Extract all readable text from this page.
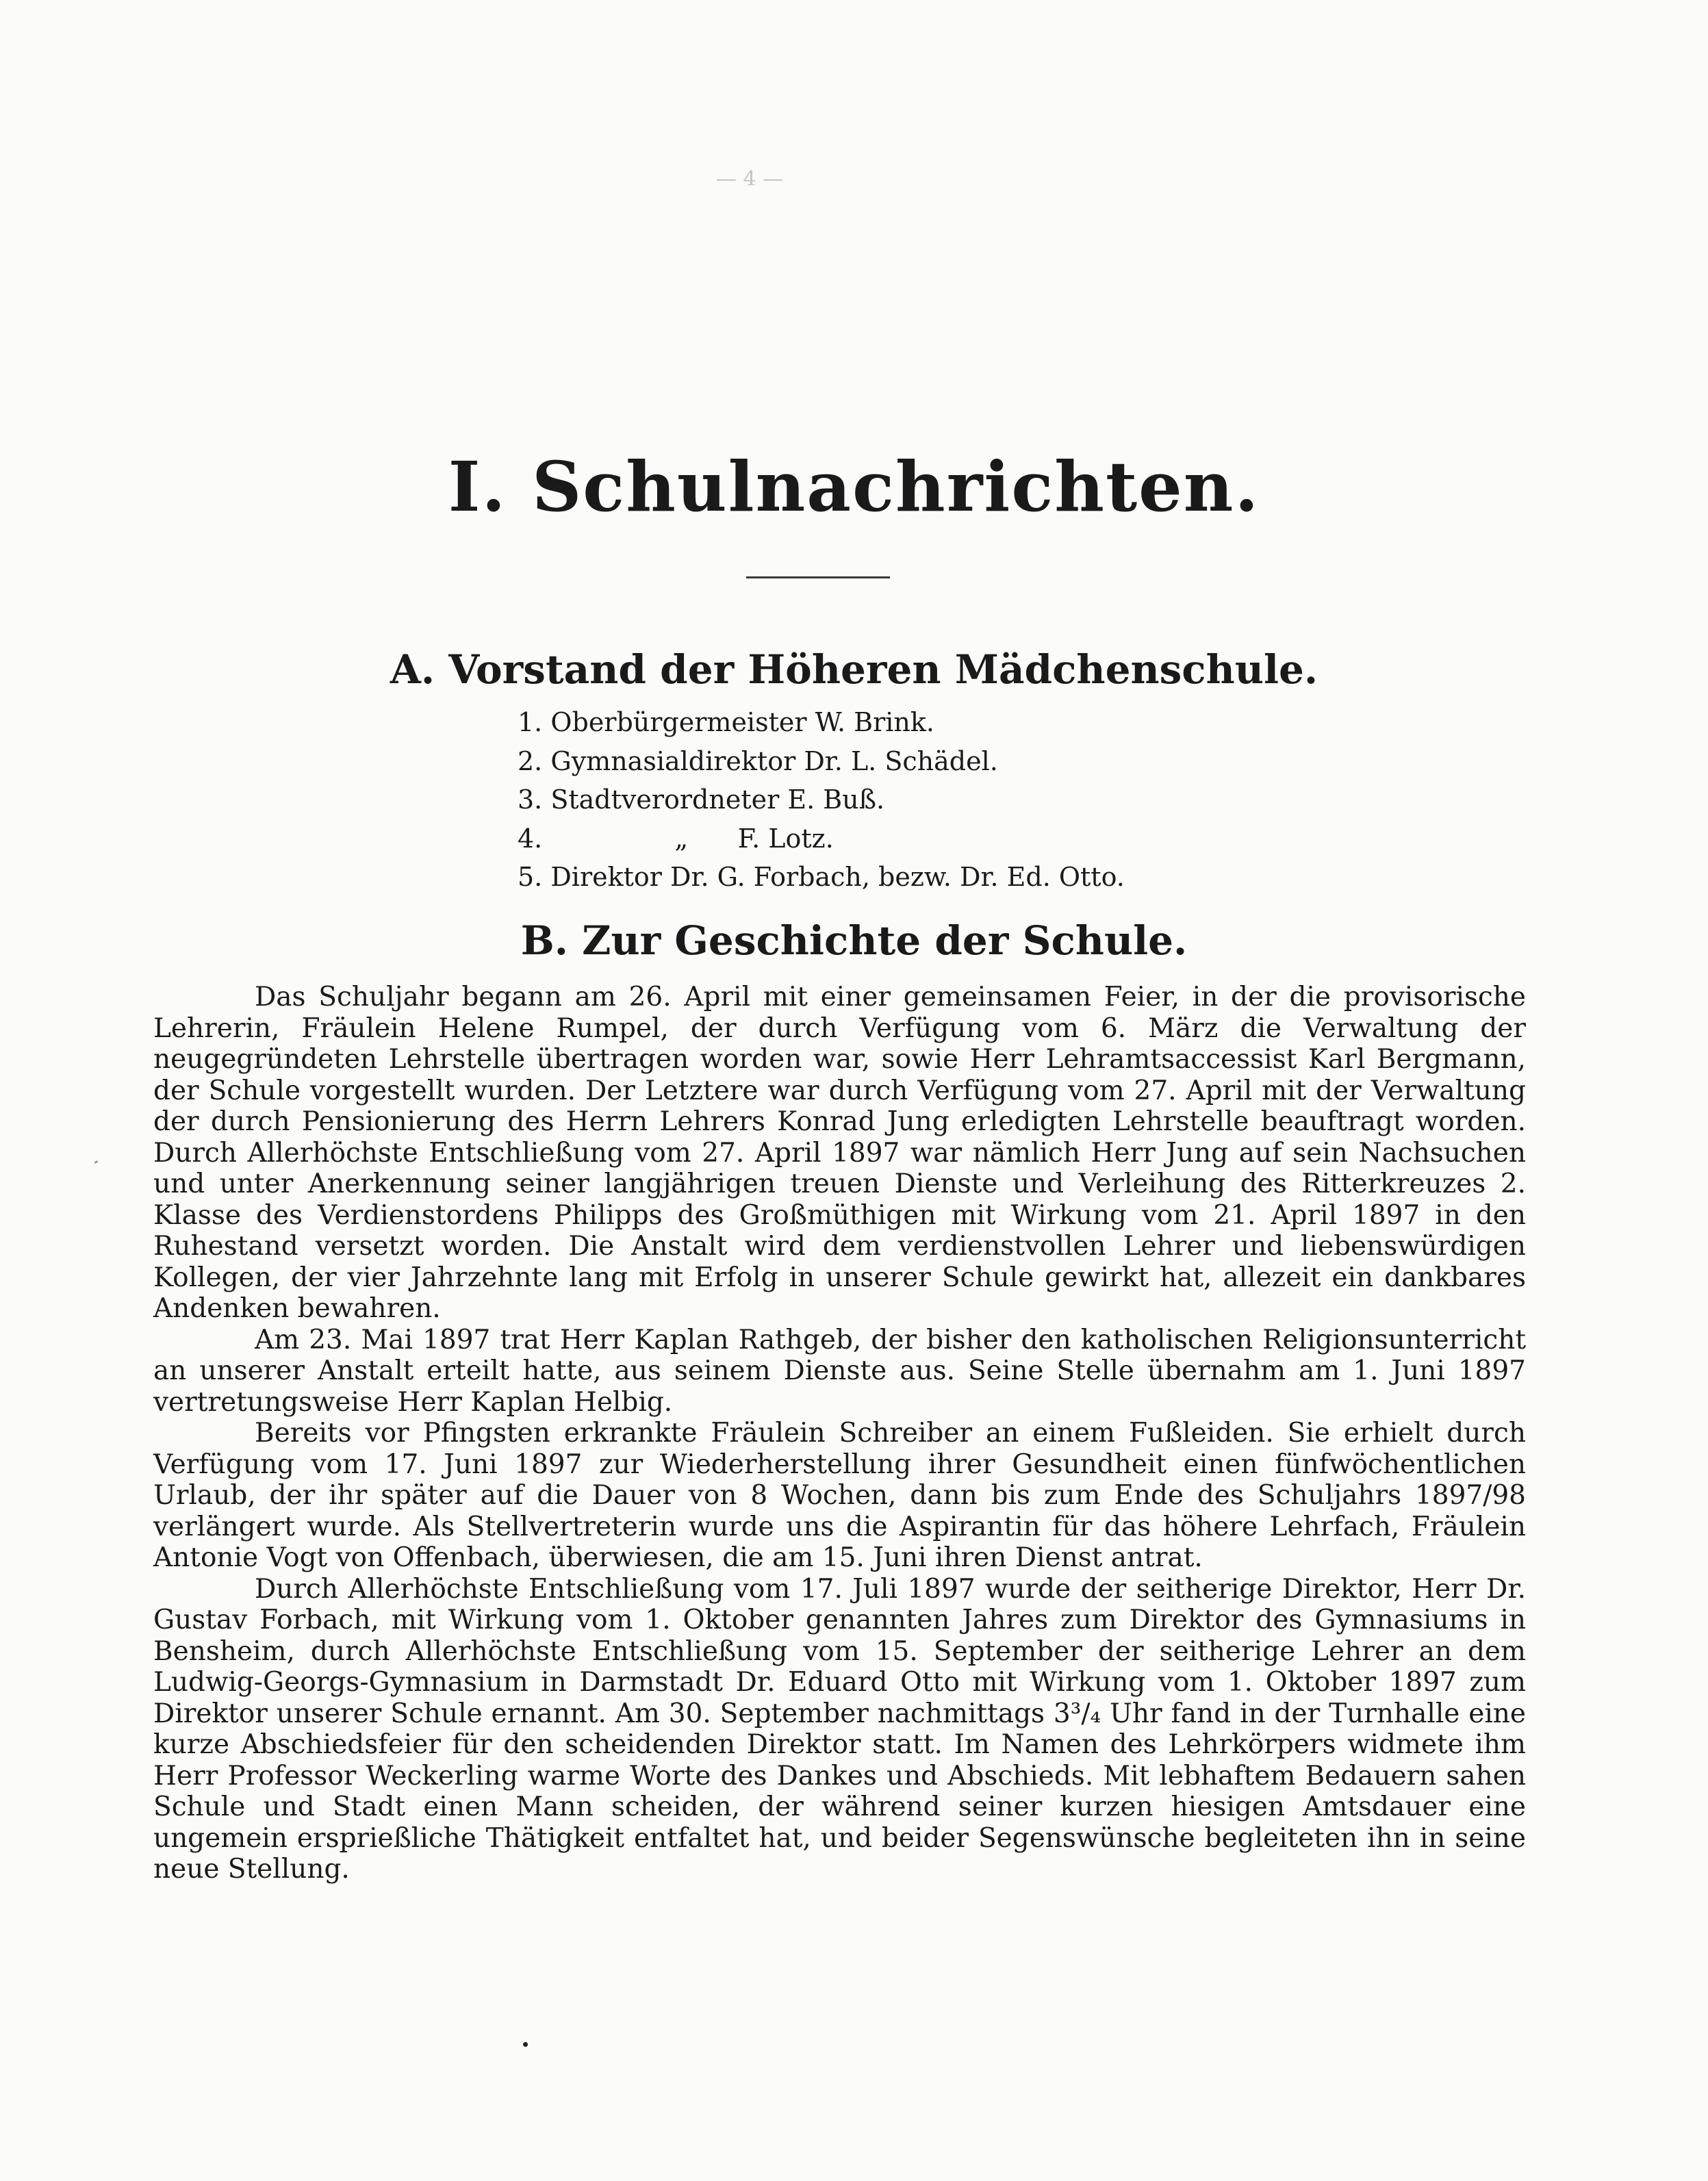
— 4 —
I. Schulnachrichten.
A. Vorstand der Höheren Mädchenschule.
1. Oberbürgermeister W. Brink.
2. Gymnasialdirektor Dr. L. Schädel.
3. Stadtverordneter E. Buß.
4.                „      F. Lotz.
5. Direktor Dr. G. Forbach, bezw. Dr. Ed. Otto.
B. Zur Geschichte der Schule.

Das Schuljahr begann am 26. April mit einer gemeinsamen Feier, in der die provisorische Lehrerin, Fräulein Helene Rumpel, der durch Verfügung vom 6. März die Verwaltung der neugegründeten Lehrstelle übertragen worden war, sowie Herr Lehramtsaccessist Karl Bergmann, der Schule vorgestellt wurden. Der Letztere war durch Verfügung vom 27. April mit der Verwaltung der durch Pensionierung des Herrn Lehrers Konrad Jung erledigten Lehrstelle beauftragt worden. Durch Allerhöchste Entschließung vom 27. April 1897 war nämlich Herr Jung auf sein Nachsuchen und unter Anerkennung seiner langjährigen treuen Dienste und Verleihung des Ritterkreuzes 2. Klasse des Verdienstordens Philipps des Großmüthigen mit Wirkung vom 21. April 1897 in den Ruhestand versetzt worden. Die Anstalt wird dem verdienstvollen Lehrer und liebenswürdigen Kollegen, der vier Jahrzehnte lang mit Erfolg in unserer Schule gewirkt hat, allezeit ein dankbares Andenken bewahren.

Am 23. Mai 1897 trat Herr Kaplan Rathgeb, der bisher den katholischen Religionsunterricht an unserer Anstalt erteilt hatte, aus seinem Dienste aus. Seine Stelle übernahm am 1. Juni 1897 vertretungsweise Herr Kaplan Helbig.

Bereits vor Pfingsten erkrankte Fräulein Schreiber an einem Fußleiden. Sie erhielt durch Verfügung vom 17. Juni 1897 zur Wiederherstellung ihrer Gesundheit einen fünfwöchentlichen Urlaub, der ihr später auf die Dauer von 8 Wochen, dann bis zum Ende des Schuljahrs 1897/98 verlängert wurde. Als Stellvertreterin wurde uns die Aspirantin für das höhere Lehrfach, Fräulein Antonie Vogt von Offenbach, überwiesen, die am 15. Juni ihren Dienst antrat.

Durch Allerhöchste Entschließung vom 17. Juli 1897 wurde der seitherige Direktor, Herr Dr. Gustav Forbach, mit Wirkung vom 1. Oktober genannten Jahres zum Direktor des Gymnasiums in Bensheim, durch Allerhöchste Entschließung vom 15. September der seitherige Lehrer an dem Ludwig-Georgs-Gymnasium in Darmstadt Dr. Eduard Otto mit Wirkung vom 1. Oktober 1897 zum Direktor unserer Schule ernannt. Am 30. September nachmittags 3³/₄ Uhr fand in der Turnhalle eine kurze Abschiedsfeier für den scheidenden Direktor statt. Im Namen des Lehrkörpers widmete ihm Herr Professor Weckerling warme Worte des Dankes und Abschieds. Mit lebhaftem Bedauern sahen Schule und Stadt einen Mann scheiden, der während seiner kurzen hiesigen Amtsdauer eine ungemein ersprießliche Thätigkeit entfaltet hat, und beider Segenswünsche begleiteten ihn in seine neue Stellung.
